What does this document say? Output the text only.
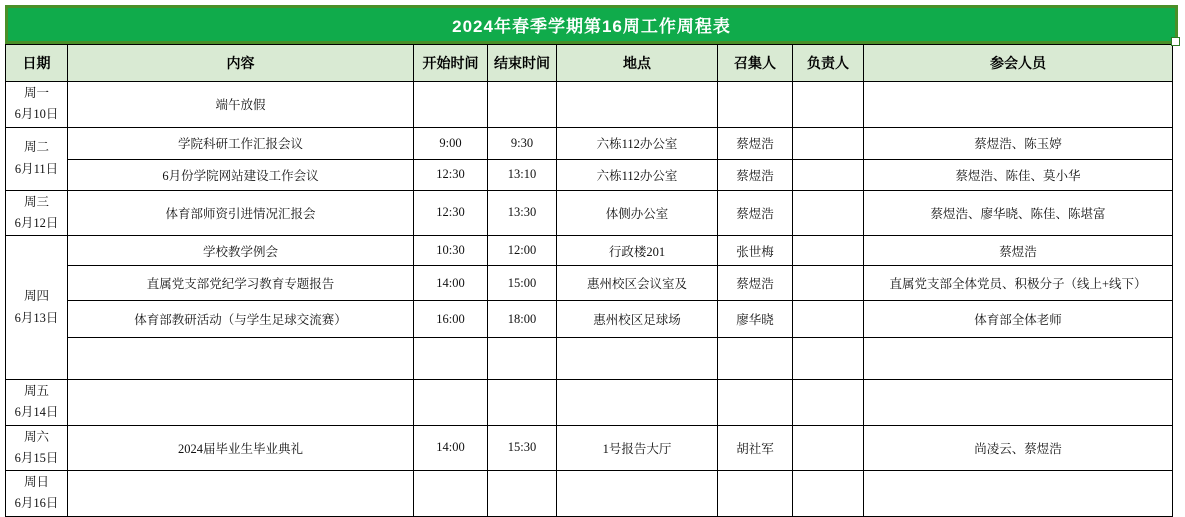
2024年春季学期第16周工作周程表
日期	内容	开始时间	结束时间	地点	召集人	负责人	参会人员

周一
6月10日	端午放假						

周二
6月11日	学院科研工作汇报会议	9:00	9:30	六栋112办公室	蔡煜浩		蔡煜浩、陈玉婷
	6月份学院网站建设工作会议	12:30	13:10	六栋112办公室	蔡煜浩		蔡煜浩、陈佳、莫小华

周三
6月12日	体育部师资引进情况汇报会	12:30	13:30	体侧办公室	蔡煜浩		蔡煜浩、廖华晓、陈佳、陈堪富

周四
6月13日	学校教学例会	10:30	12:00	行政楼201	张世梅		蔡煜浩
	直属党支部党纪学习教育专题报告	14:00	15:00	惠州校区会议室及	蔡煜浩		直属党支部全体党员、积极分子（线上+线下）
	体育部教研活动（与学生足球交流赛）	16:00	18:00	惠州校区足球场	廖华晓		体育部全体老师

周五
6月14日							

周六
6月15日	2024届毕业生毕业典礼	14:00	15:30	1号报告大厅	胡社军		尚凌云、蔡煜浩

周日
6月16日							
